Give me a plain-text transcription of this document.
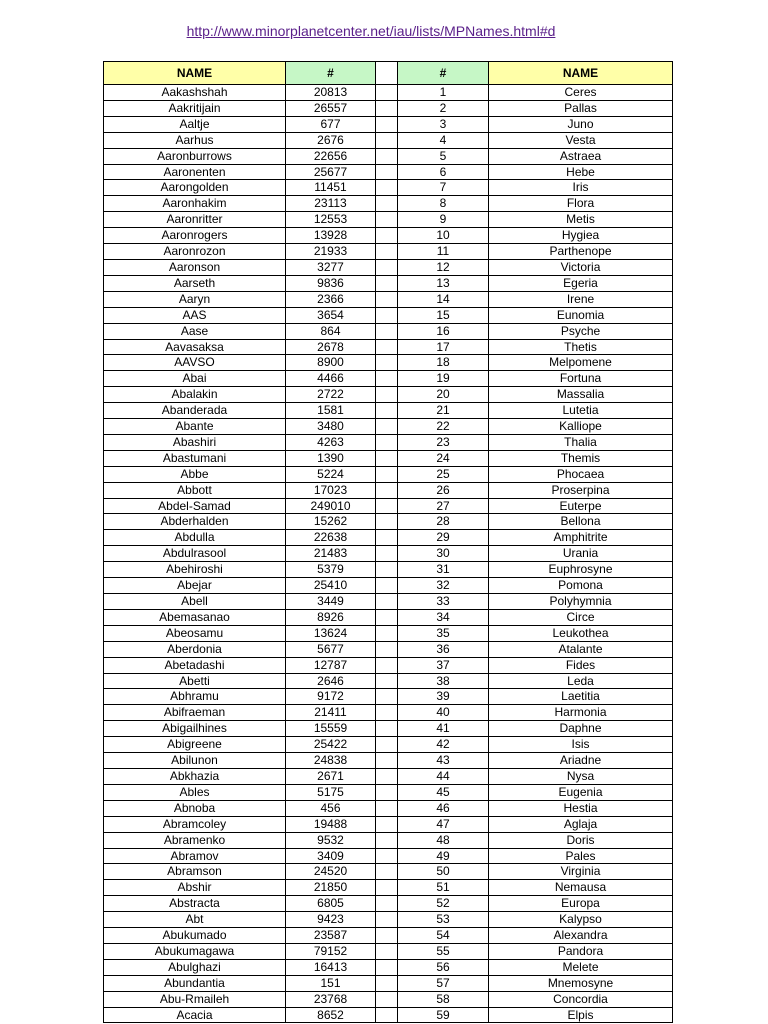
http://www.minorplanetcenter.net/iau/lists/MPNames.html#d
NAME	#		#	NAME
Aakashshah	20813		1	Ceres
Aakritijain	26557		2	Pallas
Aaltje	677		3	Juno
Aarhus	2676		4	Vesta
Aaronburrows	22656		5	Astraea
Aaronenten	25677		6	Hebe
Aarongolden	11451		7	Iris
Aaronhakim	23113		8	Flora
Aaronritter	12553		9	Metis
Aaronrogers	13928		10	Hygiea
Aaronrozon	21933		11	Parthenope
Aaronson	3277		12	Victoria
Aarseth	9836		13	Egeria
Aaryn	2366		14	Irene
AAS	3654		15	Eunomia
Aase	864		16	Psyche
Aavasaksa	2678		17	Thetis
AAVSO	8900		18	Melpomene
Abai	4466		19	Fortuna
Abalakin	2722		20	Massalia
Abanderada	1581		21	Lutetia
Abante	3480		22	Kalliope
Abashiri	4263		23	Thalia
Abastumani	1390		24	Themis
Abbe	5224		25	Phocaea
Abbott	17023		26	Proserpina
Abdel-Samad	249010		27	Euterpe
Abderhalden	15262		28	Bellona
Abdulla	22638		29	Amphitrite
Abdulrasool	21483		30	Urania
Abehiroshi	5379		31	Euphrosyne
Abejar	25410		32	Pomona
Abell	3449		33	Polyhymnia
Abemasanao	8926		34	Circe
Abeosamu	13624		35	Leukothea
Aberdonia	5677		36	Atalante
Abetadashi	12787		37	Fides
Abetti	2646		38	Leda
Abhramu	9172		39	Laetitia
Abifraeman	21411		40	Harmonia
Abigailhines	15559		41	Daphne
Abigreene	25422		42	Isis
Abilunon	24838		43	Ariadne
Abkhazia	2671		44	Nysa
Ables	5175		45	Eugenia
Abnoba	456		46	Hestia
Abramcoley	19488		47	Aglaja
Abramenko	9532		48	Doris
Abramov	3409		49	Pales
Abramson	24520		50	Virginia
Abshir	21850		51	Nemausa
Abstracta	6805		52	Europa
Abt	9423		53	Kalypso
Abukumado	23587		54	Alexandra
Abukumagawa	79152		55	Pandora
Abulghazi	16413		56	Melete
Abundantia	151		57	Mnemosyne
Abu-Rmaileh	23768		58	Concordia
Acacia	8652		59	Elpis
